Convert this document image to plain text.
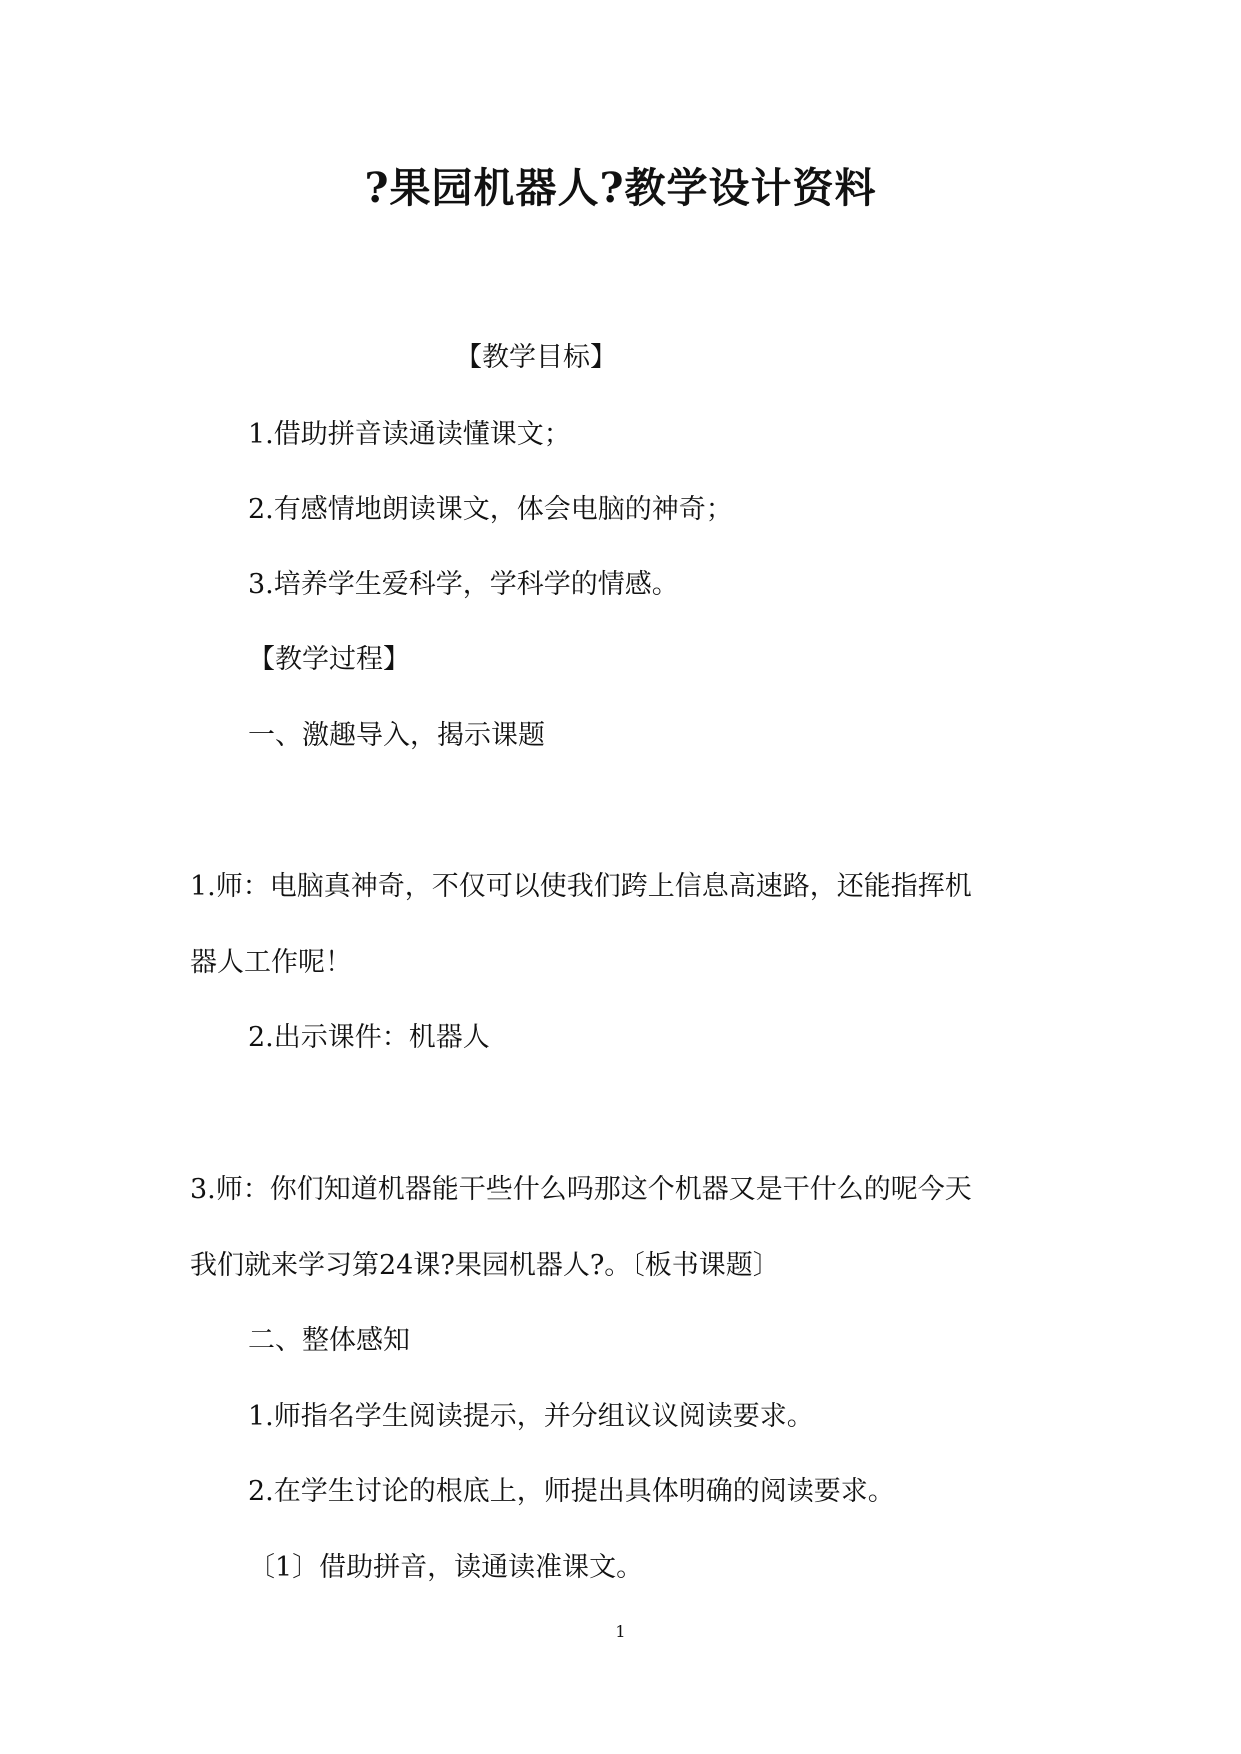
?果园机器人?教学设计资料
【教学目标】
1.借助拼音读通读懂课文；
2.有感情地朗读课文，体会电脑的神奇；
3.培养学生爱科学，学科学的情感。
【教学过程】
一、激趣导入，揭示课题
1.师：电脑真神奇，不仅可以使我们跨上信息高速路，还能指挥机
器人工作呢！
2.出示课件：机器人
3.师：你们知道机器能干些什么吗那这个机器又是干什么的呢今天
我们就来学习第24课?果园机器人?。〔板书课题〕
二、整体感知
1.师指名学生阅读提示，并分组议议阅读要求。
2.在学生讨论的根底上，师提出具体明确的阅读要求。
〔1〕借助拼音，读通读准课文。
1
